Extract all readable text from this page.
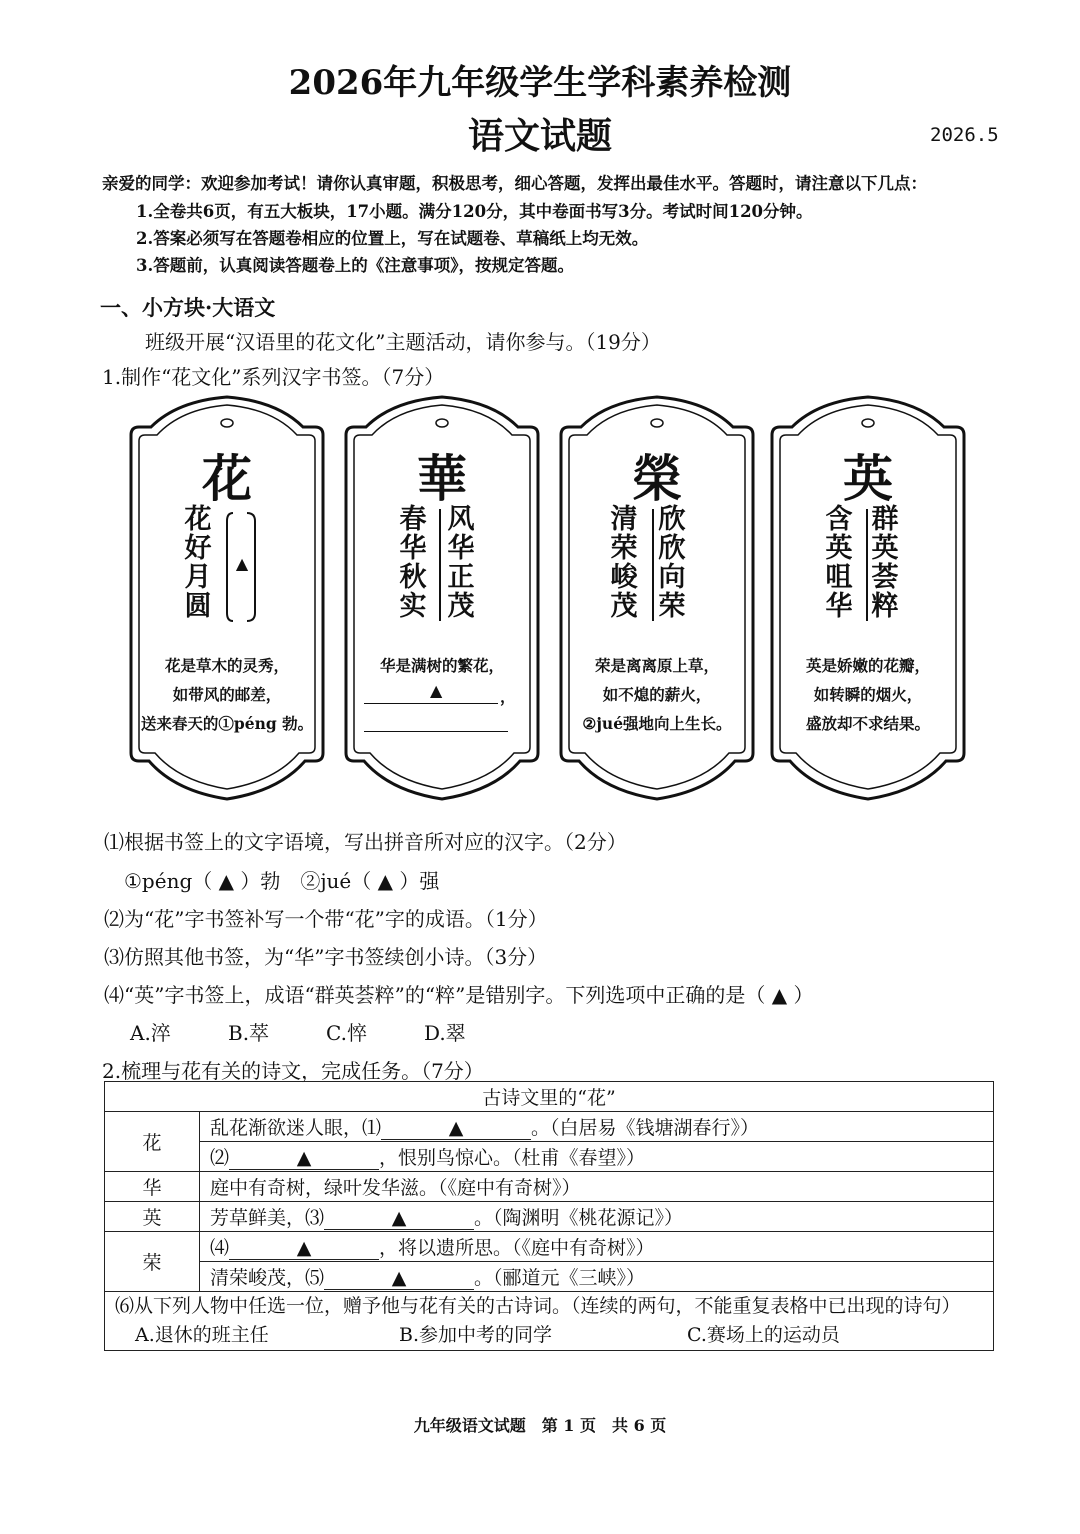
2026年九年级学生学科素养检测
语文试题	2026.5
亲爱的同学：欢迎参加考试！请你认真审题，积极思考，细心答题，发挥出最佳水平。答题时，请注意以下几点：
1.全卷共6页，有五大板块，17小题。满分120分，其中卷面书写3分。考试时间120分钟。
2.答案必须写在答题卷相应的位置上，写在试题卷、草稿纸上均无效。
3.答题前，认真阅读答题卷上的《注意事项》，按规定答题。
一、小方块·大语文
班级开展“汉语里的花文化”主题活动，请你参与。（19分）
1.制作“花文化”系列汉字书签。（7分）
花
花好月圆
▲
花是草木的灵秀，
如带风的邮差，
送来春天的①péng 勃。
華
春华秋实
风华正茂
华是满树的繁花，
▲	，
榮
清荣峻茂
欣欣向荣
荣是离离原上草，
如不熄的薪火，
②jué强地向上生长。
英
含英咀华
群英荟粹
英是娇嫩的花瓣，
如转瞬的烟火，
盛放却不求结果。
⑴根据书签上的文字语境，写出拼音所对应的汉字。（2分）
①péng（ ▲ ）勃　②jué（ ▲ ）强
⑵为“花”字书签补写一个带“花”字的成语。（1分）
⑶仿照其他书签，为“华”字书签续创小诗。（3分）
⑷“英”字书签上，成语“群英荟粹”的“粹”是错别字。下列选项中正确的是（ ▲ ）
A.淬	B.萃	C.悴	D.翠
2.梳理与花有关的诗文，完成任务。（7分）
古诗文里的“花”	
花	乱花渐欲迷人眼，⑴ ▲ 。（白居易《钱塘湖春行》）
	⑵ ▲ ，恨别鸟惊心。（杜甫《春望》）
华	庭中有奇树，绿叶发华滋。（《庭中有奇树》）
英	芳草鲜美，⑶ ▲ 。（陶渊明《桃花源记》）
荣	⑷ ▲ ，将以遗所思。（《庭中有奇树》）
	清荣峻茂，⑸ ▲ 。（郦道元《三峡》）

⑹从下列人物中任选一位，赠予他与花有关的古诗词。（连续的两句，不能重复表格中已出现的诗句）
A.退休的班主任 B.参加中考的同学 C.赛场上的运动员	
九年级语文试题　第 1 页　共 6 页
